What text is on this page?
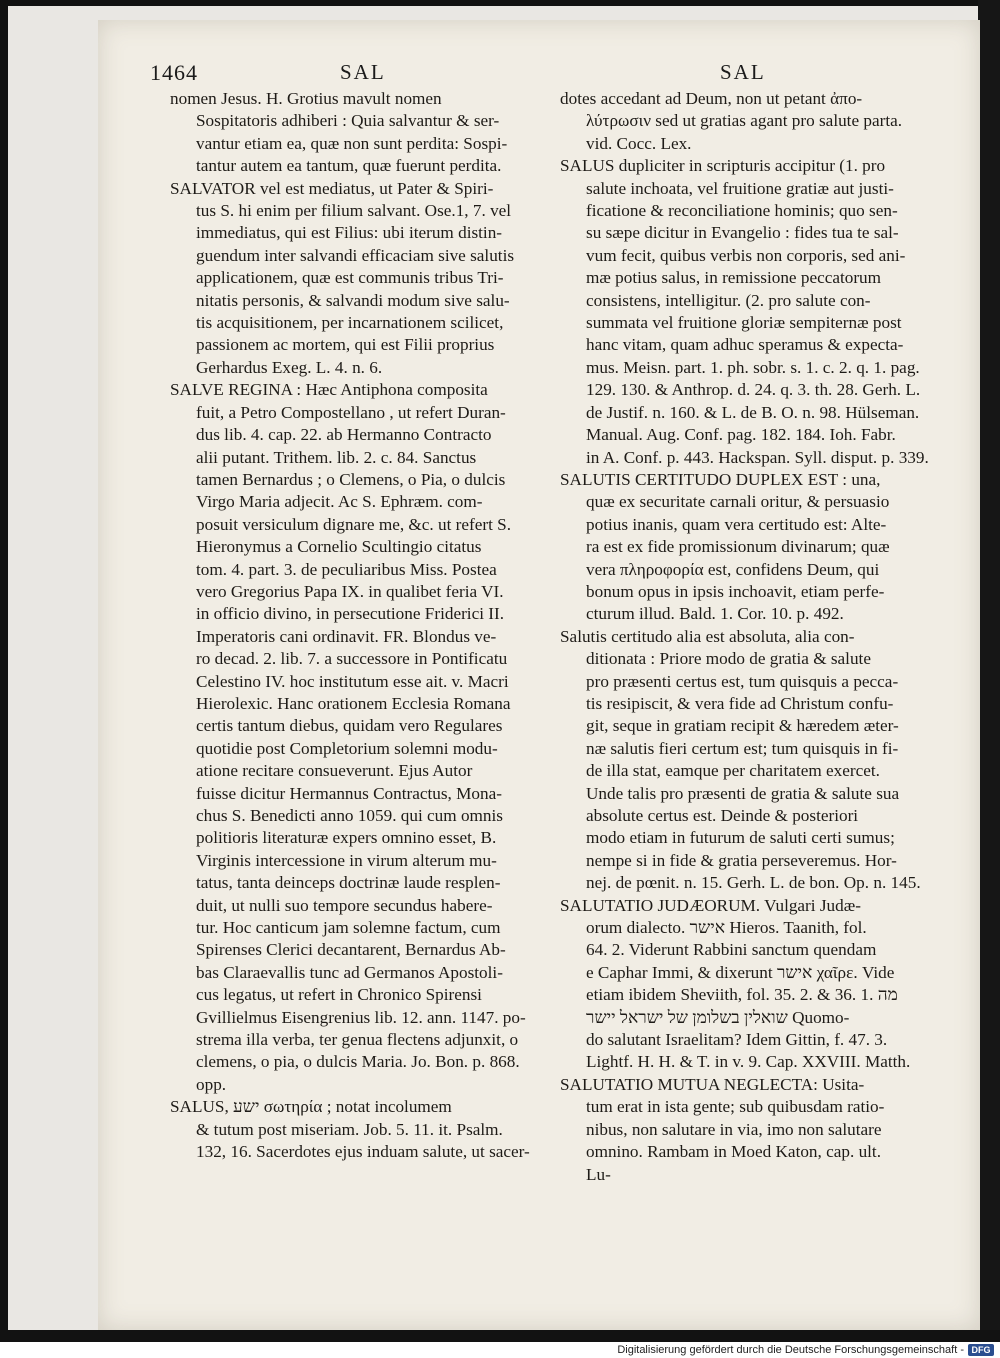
1464	SAL	SAL
nomen Jesus. H. Grotius mavult nomen
Sospitatoris adhiberi : Quia salvantur & ser-
vantur etiam ea, quæ non sunt perdita: Sospi-
tantur autem ea tantum, quæ fuerunt perdita.
SALVATOR vel est mediatus, ut Pater & Spiri-
tus S. hi enim per filium salvant. Ose.1, 7. vel
immediatus, qui est Filius: ubi iterum distin-
guendum inter salvandi efficaciam sive salutis
applicationem, quæ est communis tribus Tri-
nitatis personis, & salvandi modum sive salu-
tis acquisitionem, per incarnationem scilicet,
passionem ac mortem, qui est Filii proprius
Gerhardus Exeg. L. 4. n. 6.
SALVE REGINA : Hæc Antiphona composita
fuit, a Petro Compostellano , ut refert Duran-
dus lib. 4. cap. 22. ab Hermanno Contracto
alii putant. Trithem. lib. 2. c. 84. Sanctus
tamen Bernardus ; o Clemens, o Pia, o dulcis
Virgo Maria adjecit. Ac S. Ephræm. com-
posuit versiculum dignare me, &c. ut refert S.
Hieronymus a Cornelio Scultingio citatus
tom. 4. part. 3. de peculiaribus Miss. Postea
vero Gregorius Papa IX. in qualibet feria VI.
in officio divino, in persecutione Friderici II.
Imperatoris cani ordinavit. FR. Blondus ve-
ro decad. 2. lib. 7. a successore in Pontificatu
Celestino IV. hoc institutum esse ait. v. Macri
Hierolexic. Hanc orationem Ecclesia Romana
certis tantum diebus, quidam vero Regulares
quotidie post Completorium solemni modu-
atione recitare consueverunt. Ejus Autor
fuisse dicitur Hermannus Contractus, Mona-
chus S. Benedicti anno 1059. qui cum omnis
politioris literaturæ expers omnino esset, B.
Virginis intercessione in virum alterum mu-
tatus, tanta deinceps doctrinæ laude resplen-
duit, ut nulli suo tempore secundus habere-
tur. Hoc canticum jam solemne factum, cum
Spirenses Clerici decantarent, Bernardus Ab-
bas Claraevallis tunc ad Germanos Apostoli-
cus legatus, ut refert in Chronico Spirensi
Gvillielmus Eisengrenius lib. 12. ann. 1147. po-
strema illa verba, ter genua flectens adjunxit, o
clemens, o pia, o dulcis Maria. Jo. Bon. p. 868.
opp.
SALUS, ישע σωτηρία ; notat incolumem
& tutum post miseriam. Job. 5. 11. it. Psalm.
132, 16. Sacerdotes ejus induam salute, ut sacer-
dotes accedant ad Deum, non ut petant ἀπο-
λύτρωσιν sed ut gratias agant pro salute parta.
vid. Cocc. Lex.
SALUS dupliciter in scripturis accipitur (1. pro
salute inchoata, vel fruitione gratiæ aut justi-
ficatione & reconciliatione hominis; quo sen-
su sæpe dicitur in Evangelio : fides tua te sal-
vum fecit, quibus verbis non corporis, sed ani-
mæ potius salus, in remissione peccatorum
consistens, intelligitur. (2. pro salute con-
summata vel fruitione gloriæ sempiternæ post
hanc vitam, quam adhuc speramus & expecta-
mus. Meisn. part. 1. ph. sobr. s. 1. c. 2. q. 1. pag.
129. 130. & Anthrop. d. 24. q. 3. th. 28. Gerh. L.
de Justif. n. 160. & L. de B. O. n. 98. Hülseman.
Manual. Aug. Conf. pag. 182. 184. Ioh. Fabr.
in A. Conf. p. 443. Hackspan. Syll. disput. p. 339.
SALUTIS CERTITUDO DUPLEX EST : una,
quæ ex securitate carnali oritur, & persuasio
potius inanis, quam vera certitudo est: Alte-
ra est ex fide promissionum divinarum; quæ
vera πληροφορία est, confidens Deum, qui
bonum opus in ipsis inchoavit, etiam perfe-
cturum illud. Bald. 1. Cor. 10. p. 492.
Salutis certitudo alia est absoluta, alia con-
ditionata : Priore modo de gratia & salute
pro præsenti certus est, tum quisquis a pecca-
tis resipiscit, & vera fide ad Christum confu-
git, seque in gratiam recipit & hæredem æter-
næ salutis fieri certum est; tum quisquis in fi-
de illa stat, eamque per charitatem exercet.
Unde talis pro præsenti de gratia & salute sua
absolute certus est. Deinde & posteriori
modo etiam in futurum de saluti certi sumus;
nempe si in fide & gratia perseveremus. Hor-
nej. de pœnit. n. 15. Gerh. L. de bon. Op. n. 145.
SALUTATIO JUDÆORUM. Vulgari Judæ-
orum dialecto. אישר Hieros. Taanith, fol.
64. 2. Viderunt Rabbini sanctum quendam
e Caphar Immi, & dixerunt אישר χαῖρε. Vide
etiam ibidem Sheviith, fol. 35. 2. & 36. 1. מה
שואלין בשלומן של ישראל יישר Quomo-
do salutant Israelitam? Idem Gittin, f. 47. 3.
Lightf. H. H. & T. in v. 9. Cap. XXVIII. Matth.
SALUTATIO MUTUA NEGLECTA: Usita-
tum erat in ista gente; sub quibusdam ratio-
nibus, non salutare in via, imo non salutare
omnino. Rambam in Moed Katon, cap. ult.
Lu-
Digitalisierung gefördert durch die Deutsche Forschungsgemeinschaft - DFG
